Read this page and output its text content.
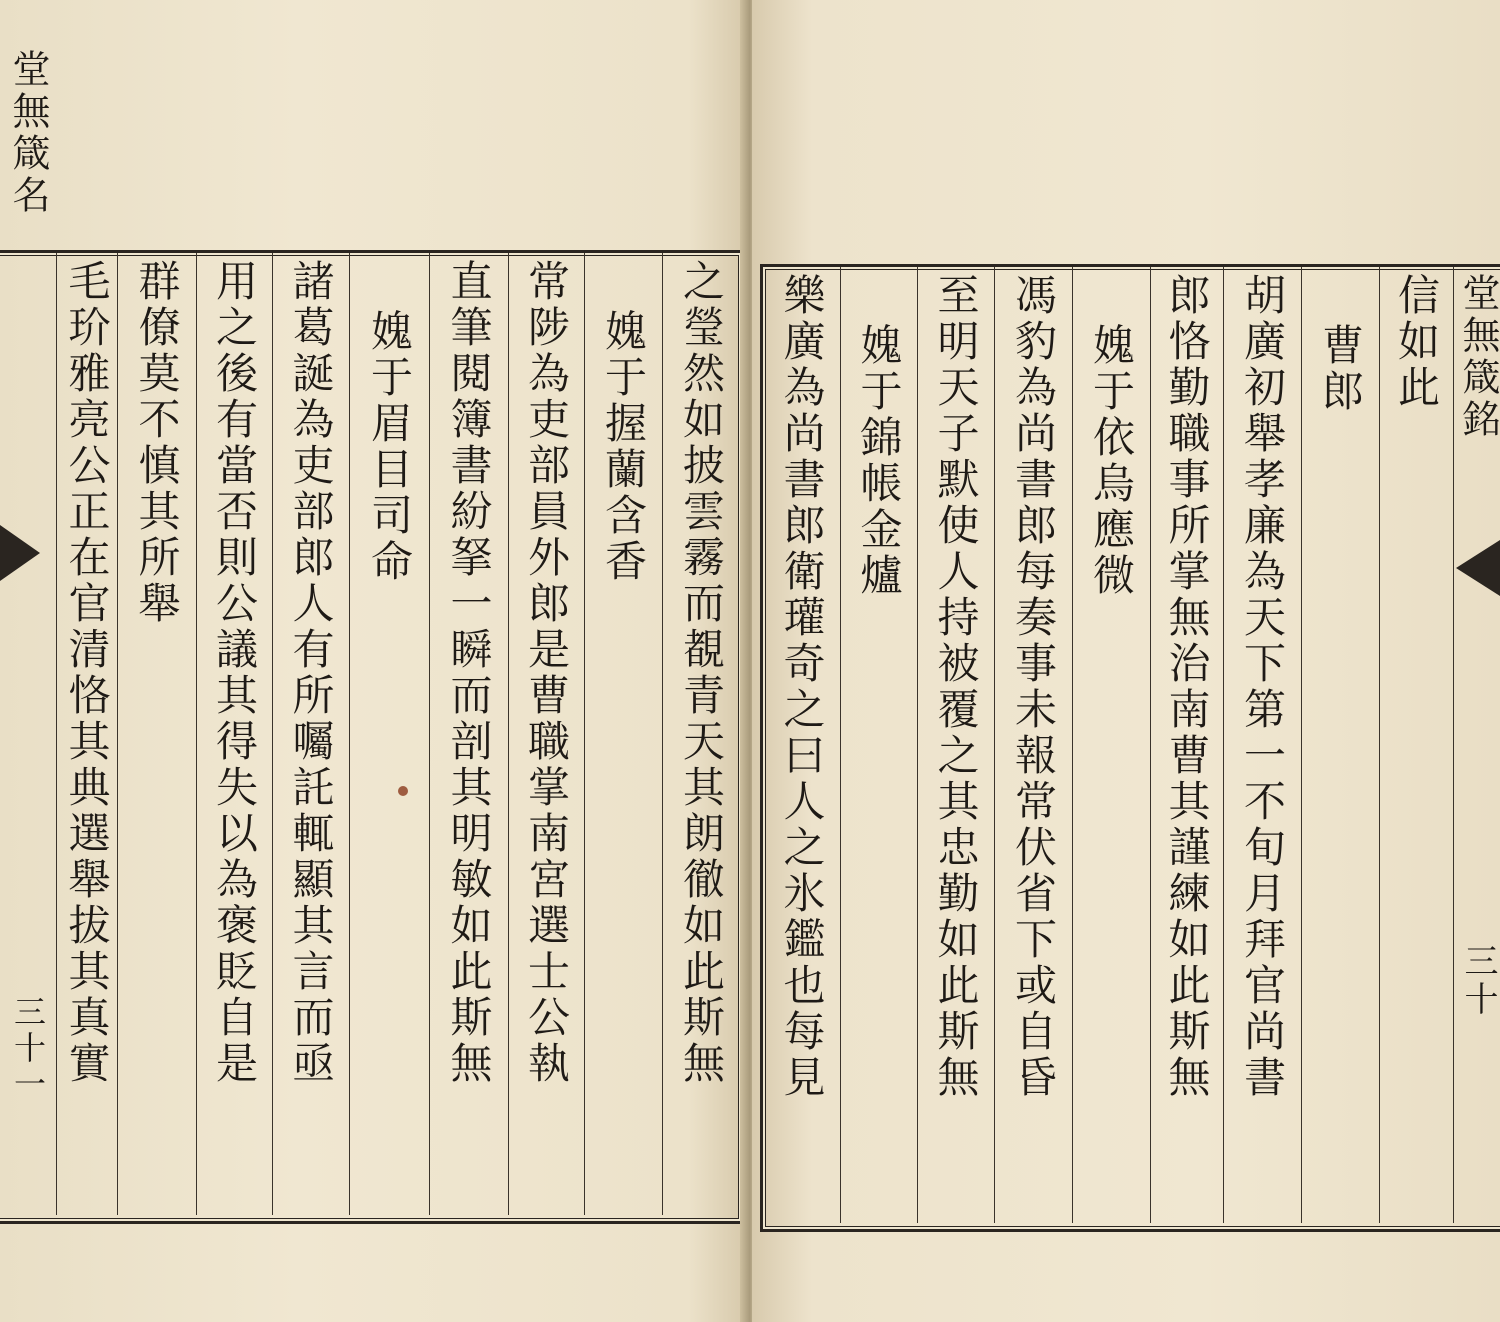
堂無箴名
三十一	之瑩然如披雲霧而覩青天其朗徹如此斯無
媿于握蘭含香
常陟為吏部員外郎是曹職掌南宮選士公執
直筆閱簿書紛拏一瞬而剖其明敏如此斯無
媿于眉目司命
諸葛誕為吏部郎人有所囑託輒顯其言而亟
用之後有當否則公議其得失以為褒貶自是
群僚莫不慎其所舉
毛玠雅亮公正在官清恪其典選舉拔其真實	信如此
曹郎
胡廣初舉孝廉為天下第一不旬月拜官尚書
郎恪勤職事所掌無治南曹其謹練如此斯無
媿于依烏應微
馮豹為尚書郎每奏事未報常伏省下或自昏
至明天子默使人持被覆之其忠勤如此斯無
媿于錦帳金爐
樂廣為尚書郎衛瓘奇之曰人之氷鑑也每見	堂無箴銘
三十
